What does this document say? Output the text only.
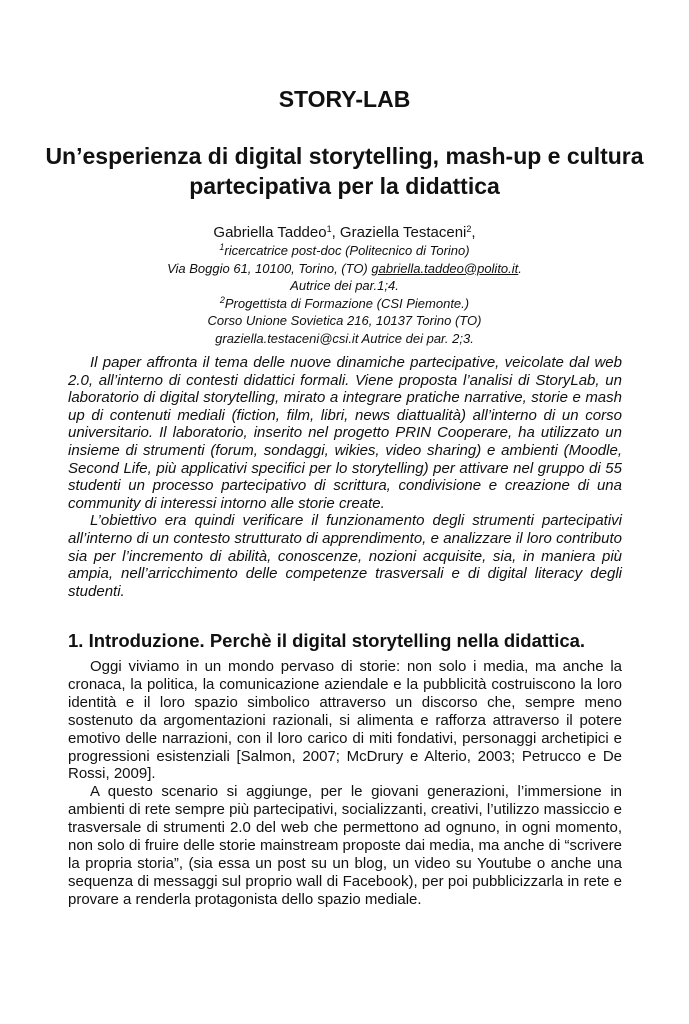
STORY-LAB
Un’esperienza di digital storytelling, mash-up e cultura partecipativa per la didattica
Gabriella Taddeo$^1$, Graziella Testaceni$^2$,
$^1$ricercatrice post-doc (Politecnico di Torino)
Via Boggio 61, 10100, Torino, (TO) gabriella.taddeo@polito.it.
Autrice dei par.1;4.
$^2$Progettista di Formazione (CSI Piemonte.)
Corso Unione Sovietica 216, 10137 Torino (TO)
graziella.testaceni@csi.it Autrice dei par. 2;3.

Il paper affronta il tema delle nuove dinamiche partecipative, veicolate dal web 2.0, all’interno di contesti didattici formali. Viene proposta l’analisi di StoryLab, un laboratorio di digital storytelling, mirato a integrare pratiche narrative, storie e mash up di contenuti mediali (fiction, film, libri, news diattualità) all’interno di un corso universitario. Il laboratorio, inserito nel progetto PRIN Cooperare, ha utilizzato un insieme di strumenti (forum, sondaggi, wikies, video sharing) e ambienti (Moodle, Second Life, più applicativi specifici per lo storytelling) per attivare nel gruppo di 55 studenti un processo partecipativo di scrittura, condivisione e creazione di una community di interessi intorno alle storie create.

L’obiettivo era quindi verificare il funzionamento degli strumenti partecipativi all’interno di un contesto strutturato di apprendimento, e analizzare il loro contributo sia per l’incremento di abilità, conoscenze, nozioni acquisite, sia, in maniera più ampia, nell’arricchimento delle competenze trasversali e di digital literacy degli studenti.

1. Introduzione. Perchè il digital storytelling nella didattica.

Oggi viviamo in un mondo pervaso di storie: non solo i media, ma anche la cronaca, la politica, la comunicazione aziendale e la pubblicità costruiscono la loro identità e il loro spazio simbolico attraverso un discorso che, sempre meno sostenuto da argomentazioni razionali, si alimenta e rafforza attraverso il potere emotivo delle narrazioni, con il loro carico di miti fondativi, personaggi archetipici e progressioni esistenziali [Salmon, 2007; McDrury e Alterio, 2003; Petrucco e De Rossi, 2009].

A questo scenario si aggiunge, per le giovani generazioni, l’immersione in ambienti di rete sempre più partecipativi, socializzanti, creativi, l’utilizzo massiccio e trasversale di strumenti 2.0 del web che permettono ad ognuno, in ogni momento, non solo di fruire delle storie mainstream proposte dai media, ma anche di “scrivere la propria storia”, (sia essa un post su un blog, un video su Youtube o anche una sequenza di messaggi sul proprio wall di Facebook), per poi pubblicizzarla in rete e provare a renderla protagonista dello spazio mediale.
